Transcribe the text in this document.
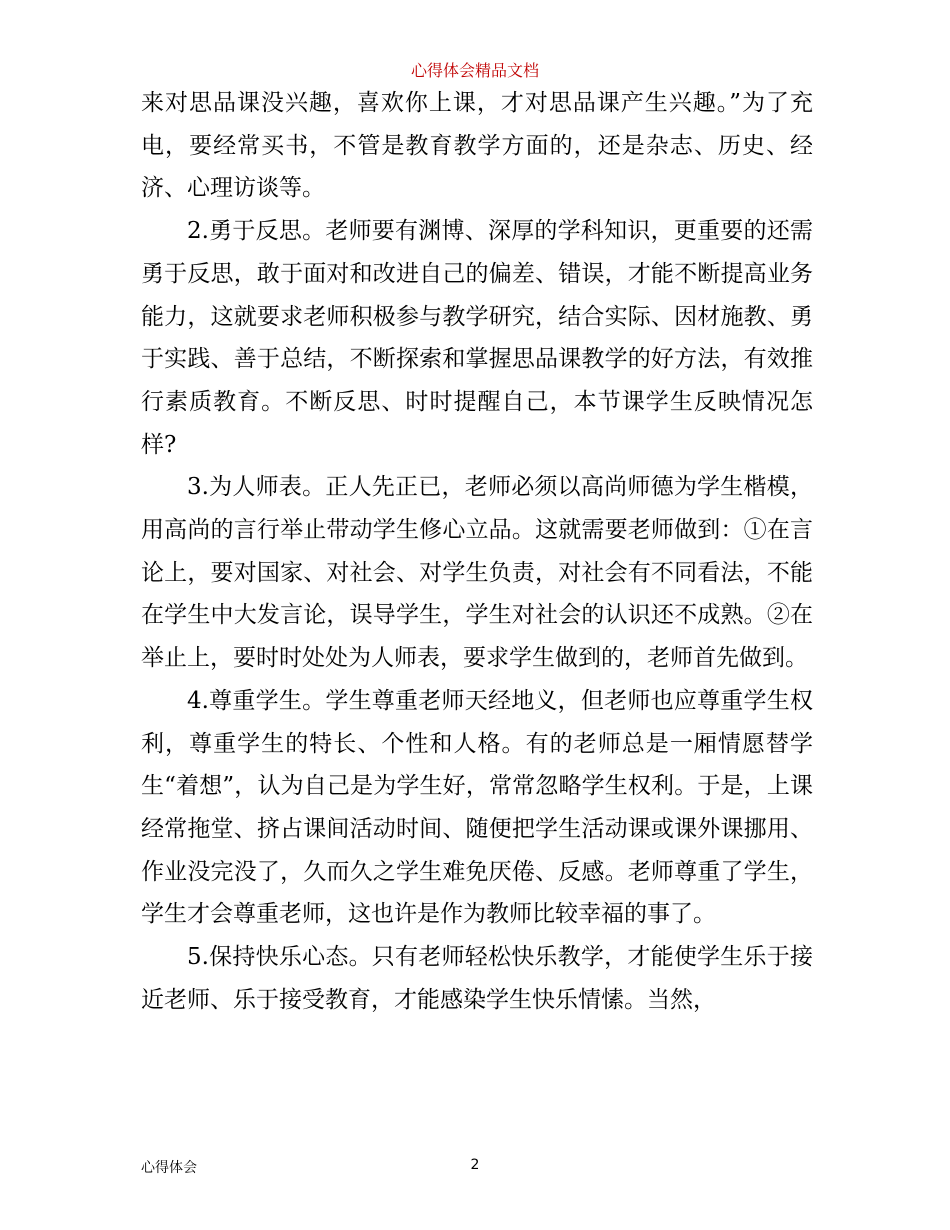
心得体会精品文档

来对思品课没兴趣，喜欢你上课，才对思品课产生兴趣。”为了充电，要经常买书，不管是教育教学方面的，还是杂志、历史、经济、心理访谈等。

2.勇于反思。老师要有渊博、深厚的学科知识，更重要的还需勇于反思，敢于面对和改进自己的偏差、错误，才能不断提高业务能力，这就要求老师积极参与教学研究，结合实际、因材施教、勇于实践、善于总结，不断探索和掌握思品课教学的好方法，有效推行素质教育。不断反思、时时提醒自己，本节课学生反映情况怎样?

3.为人师表。正人先正已，老师必须以高尚师德为学生楷模，用高尚的言行举止带动学生修心立品。这就需要老师做到：①在言论上，要对国家、对社会、对学生负责，对社会有不同看法，不能在学生中大发言论，误导学生，学生对社会的认识还不成熟。②在举止上，要时时处处为人师表，要求学生做到的，老师首先做到。

4.尊重学生。学生尊重老师天经地义，但老师也应尊重学生权利，尊重学生的特长、个性和人格。有的老师总是一厢情愿替学生“着想”，认为自己是为学生好，常常忽略学生权利。于是，上课经常拖堂、挤占课间活动时间、随便把学生活动课或课外课挪用、作业没完没了，久而久之学生难免厌倦、反感。老师尊重了学生，学生才会尊重老师，这也许是作为教师比较幸福的事了。

5.保持快乐心态。只有老师轻松快乐教学，才能使学生乐于接近老师、乐于接受教育，才能感染学生快乐情愫。当然，

心得体会	2
